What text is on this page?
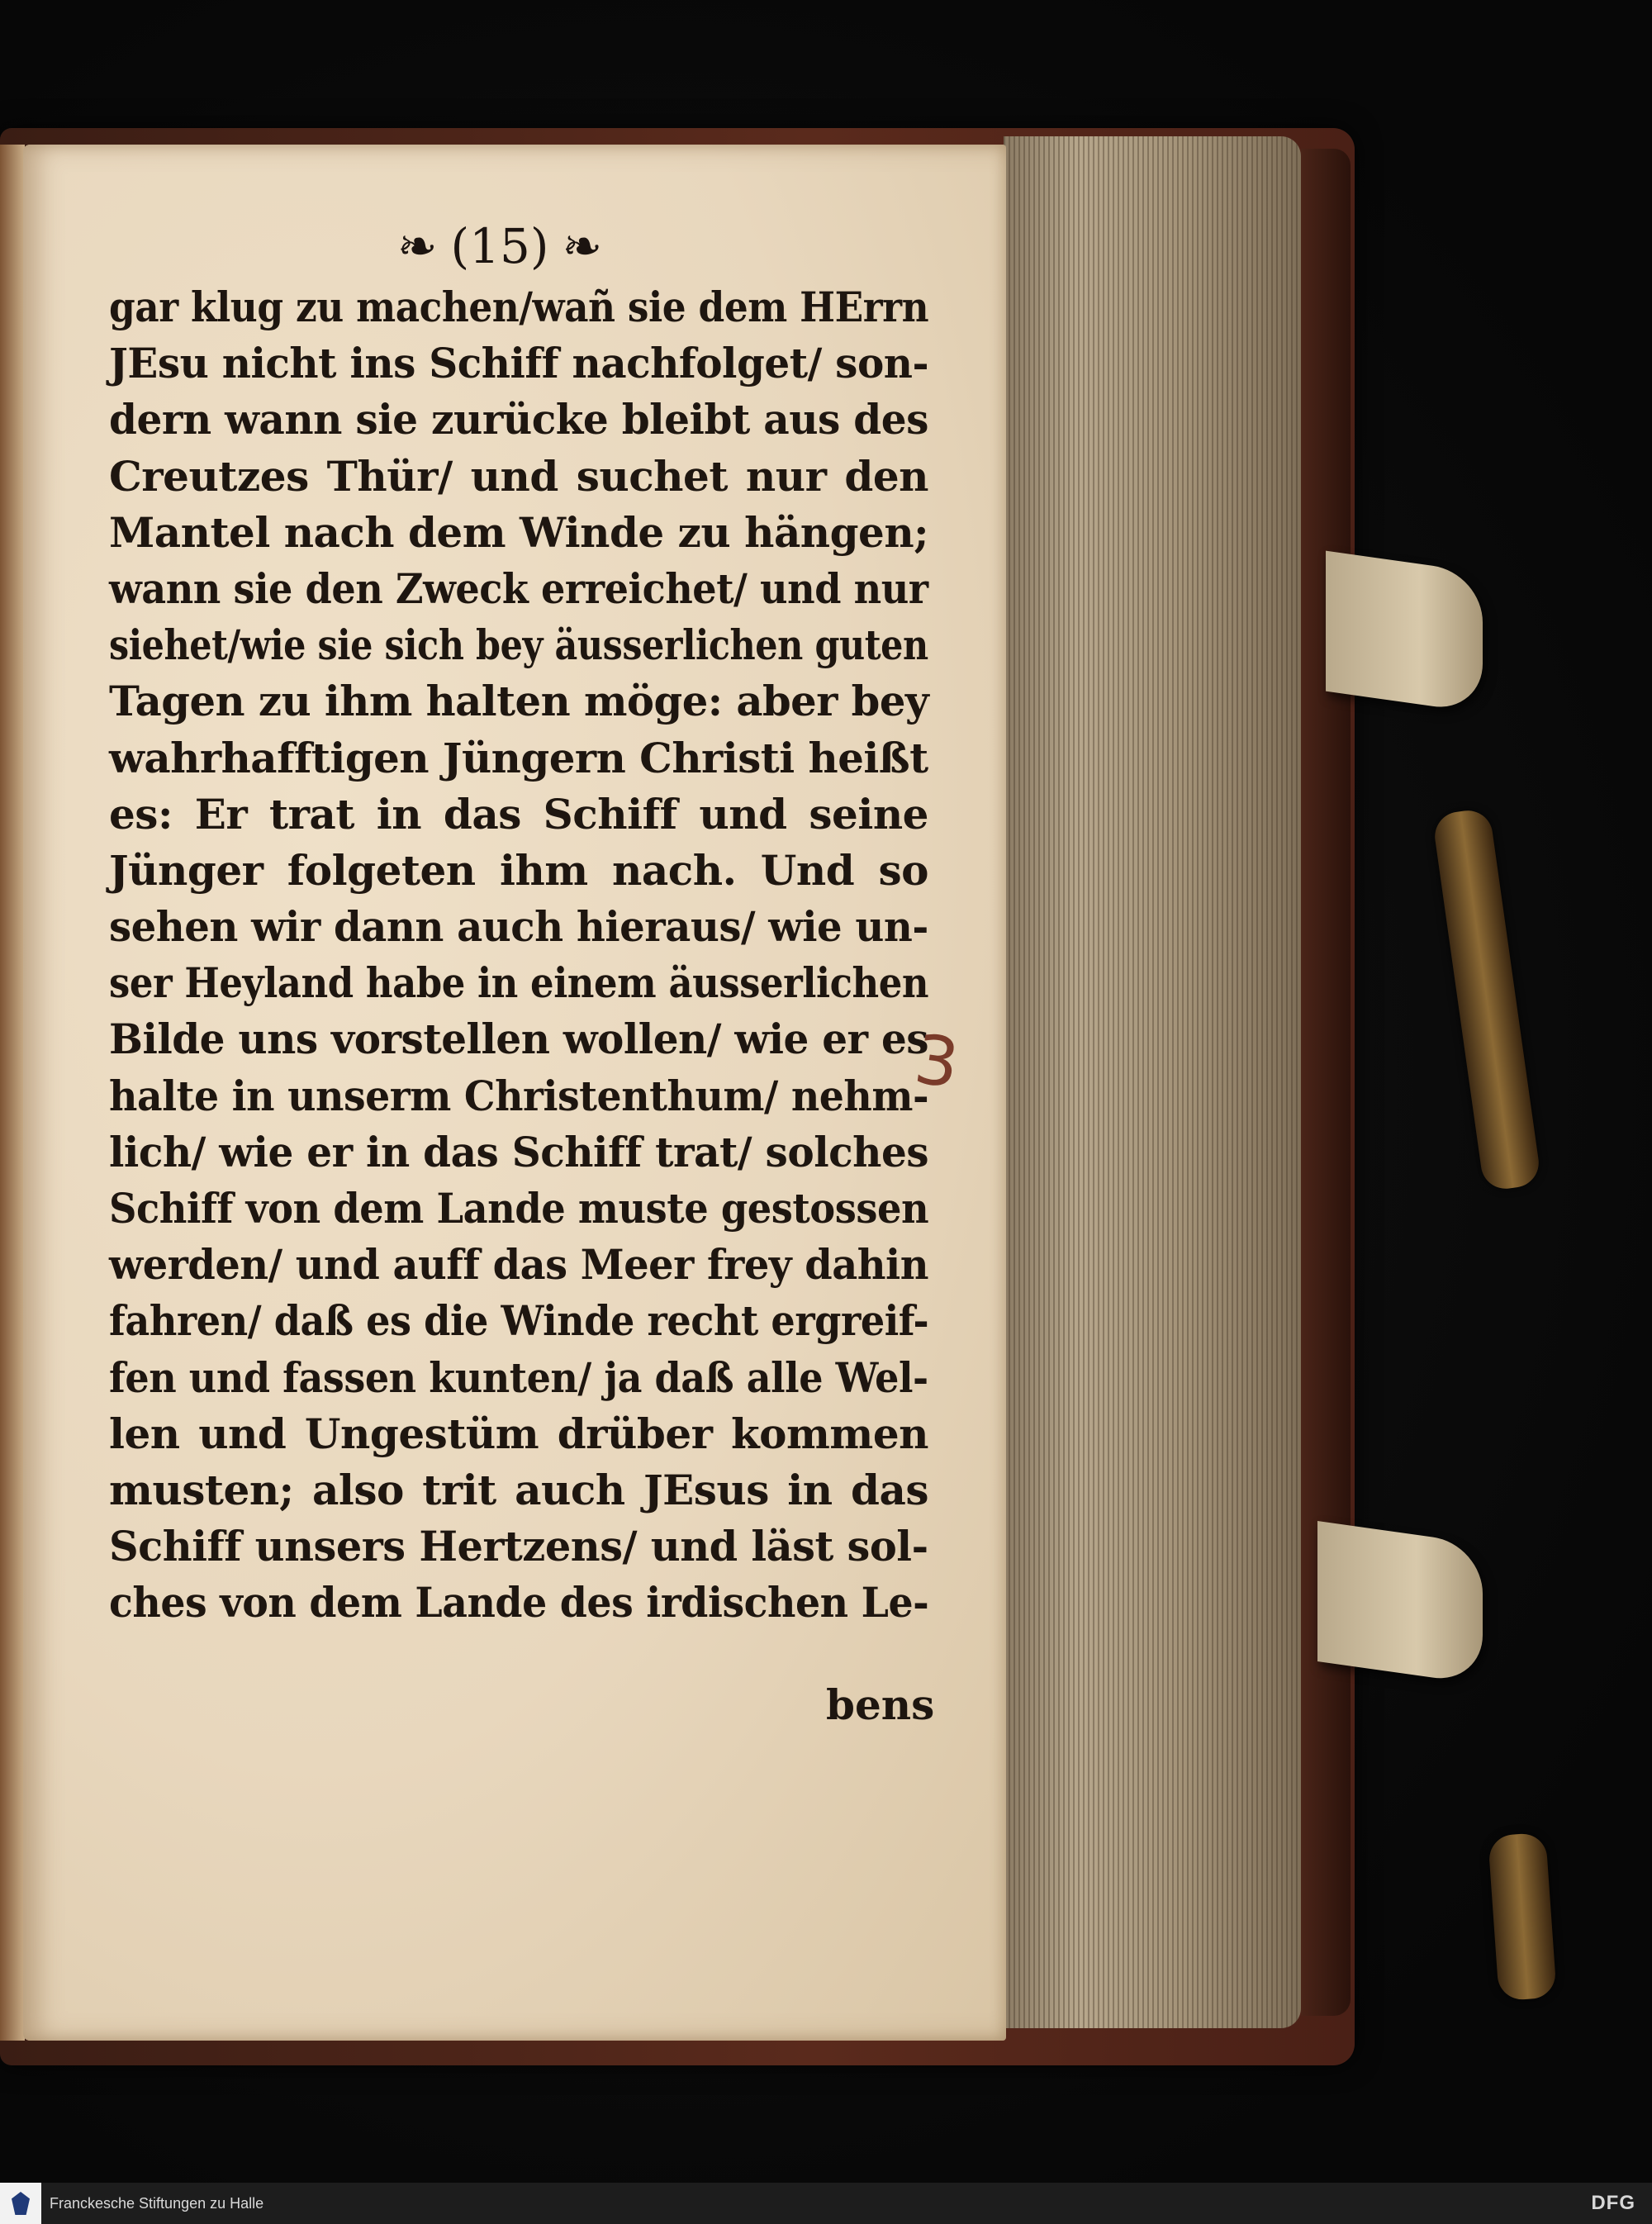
❧ (15) ❧
gar klug zu machen/wañ sie dem HErrn
JEsu nicht ins Schiff nachfolget/ son-
dern wann sie zurücke bleibt aus des
Creutzes Thür/ und suchet nur den
Mantel nach dem Winde zu hängen;
wann sie den Zweck erreichet/ und nur
siehet/wie sie sich bey äusserlichen guten
Tagen zu ihm halten möge: aber bey
wahrhafftigen Jüngern Christi heißt
es: Er trat in das Schiff und seine
Jünger folgeten ihm nach. Und so
sehen wir dann auch hieraus/ wie un-
ser Heyland habe in einem äusserlichen
Bilde uns vorstellen wollen/ wie er es
halte in unserm Christenthum/ nehm-
lich/ wie er in das Schiff trat/ solches
Schiff von dem Lande muste gestossen
werden/ und auff das Meer frey dahin
fahren/ daß es die Winde recht ergreif-
fen und fassen kunten/ ja daß alle Wel-
len und Ungestüm drüber kommen
musten; also trit auch JEsus in das
Schiff unsers Hertzens/ und läst sol-
ches von dem Lande des irdischen Le-
bens
3
Franckesche Stiftungen zu Halle	DFG
